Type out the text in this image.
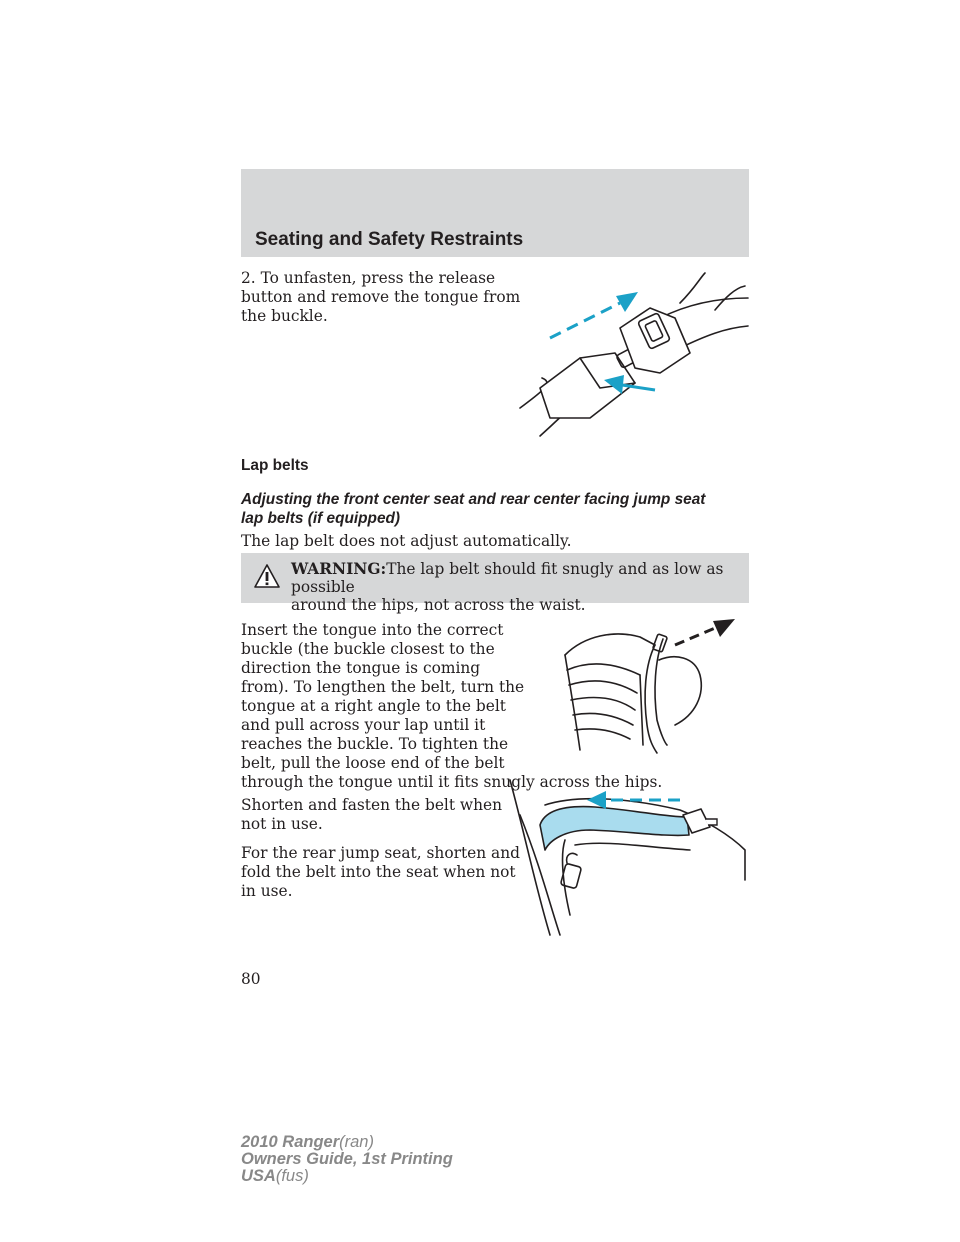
Seating and Safety Restraints

2. To unfasten, press the release

button and remove the tongue from

the buckle.

Lap belts

Adjusting the front center seat and rear center facing jump seat

lap belts (if equipped)

The lap belt does not adjust automatically.

WARNING:The lap belt should fit snugly and as low as possible
around the hips, not across the waist.

Insert the tongue into the correct

buckle (the buckle closest to the

direction the tongue is coming

from). To lengthen the belt, turn the

tongue at a right angle to the belt

and pull across your lap until it

reaches the buckle. To tighten the

belt, pull the loose end of the belt

through the tongue until it fits snugly across the hips.

Shorten and fasten the belt when

not in use.

For the rear jump seat, shorten and

fold the belt into the seat when not

in use.

80
2010 Ranger(ran)
Owners Guide, 1st Printing
USA(fus)
